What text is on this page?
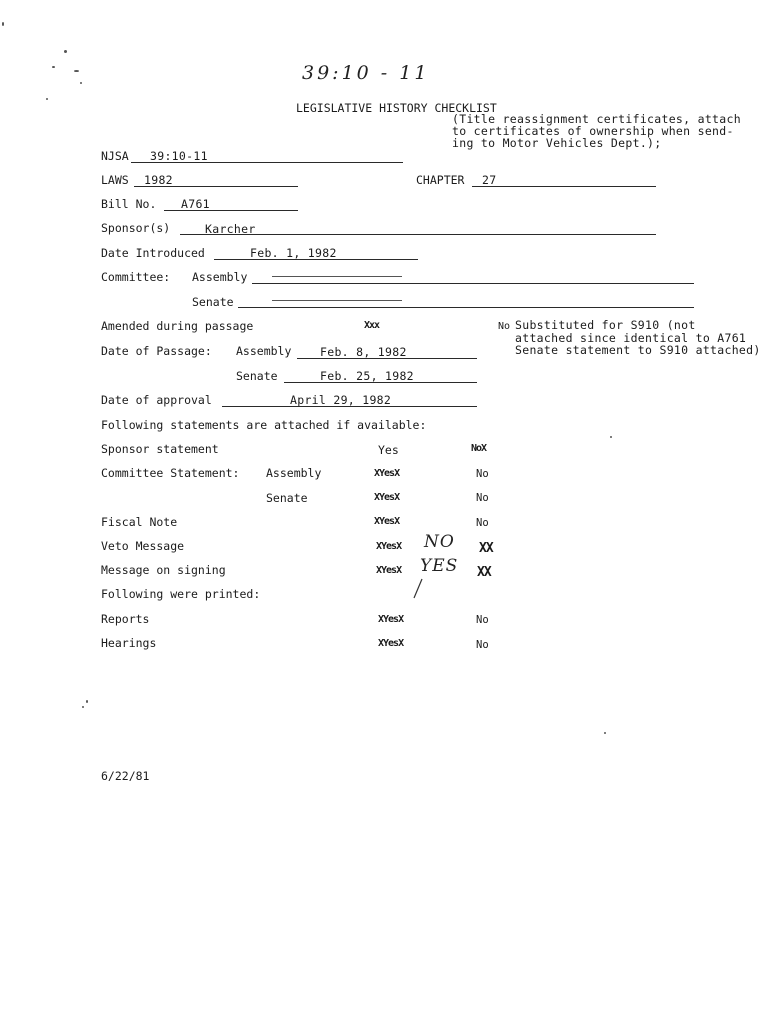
39:10 - 11
LEGISLATIVE HISTORY CHECKLIST
(Title reassignment certificates, attach
to certificates of ownership when send-
ing to Motor Vehicles Dept.);
NJSA 39:10-11
LAWS 1982	CHAPTER 27
Bill No. A761
Sponsor(s)	Karcher
Date Introduced	Feb. 1, 1982
Committee: Assembly
Senate
Amended during passage	Xxx	No Substituted for S910 (not
attached since identical to A761
Senate statement to S910 attached)
Date of Passage: Assembly Feb. 8, 1982
Senate	Feb. 25, 1982
Date of approval	April 29, 1982
Following statements are attached if available:
Sponsor statement	Yes	NoX
Committee Statement: Assembly	XYesX	No
Senate	XYesX	No
Fiscal Note	XYesX	No
Veto Message	XYesX NO XX
Message on signing	XYesX YES XX
Following were printed:
Reports	XYesX	No
Hearings	XYesX	No
6/22/81
